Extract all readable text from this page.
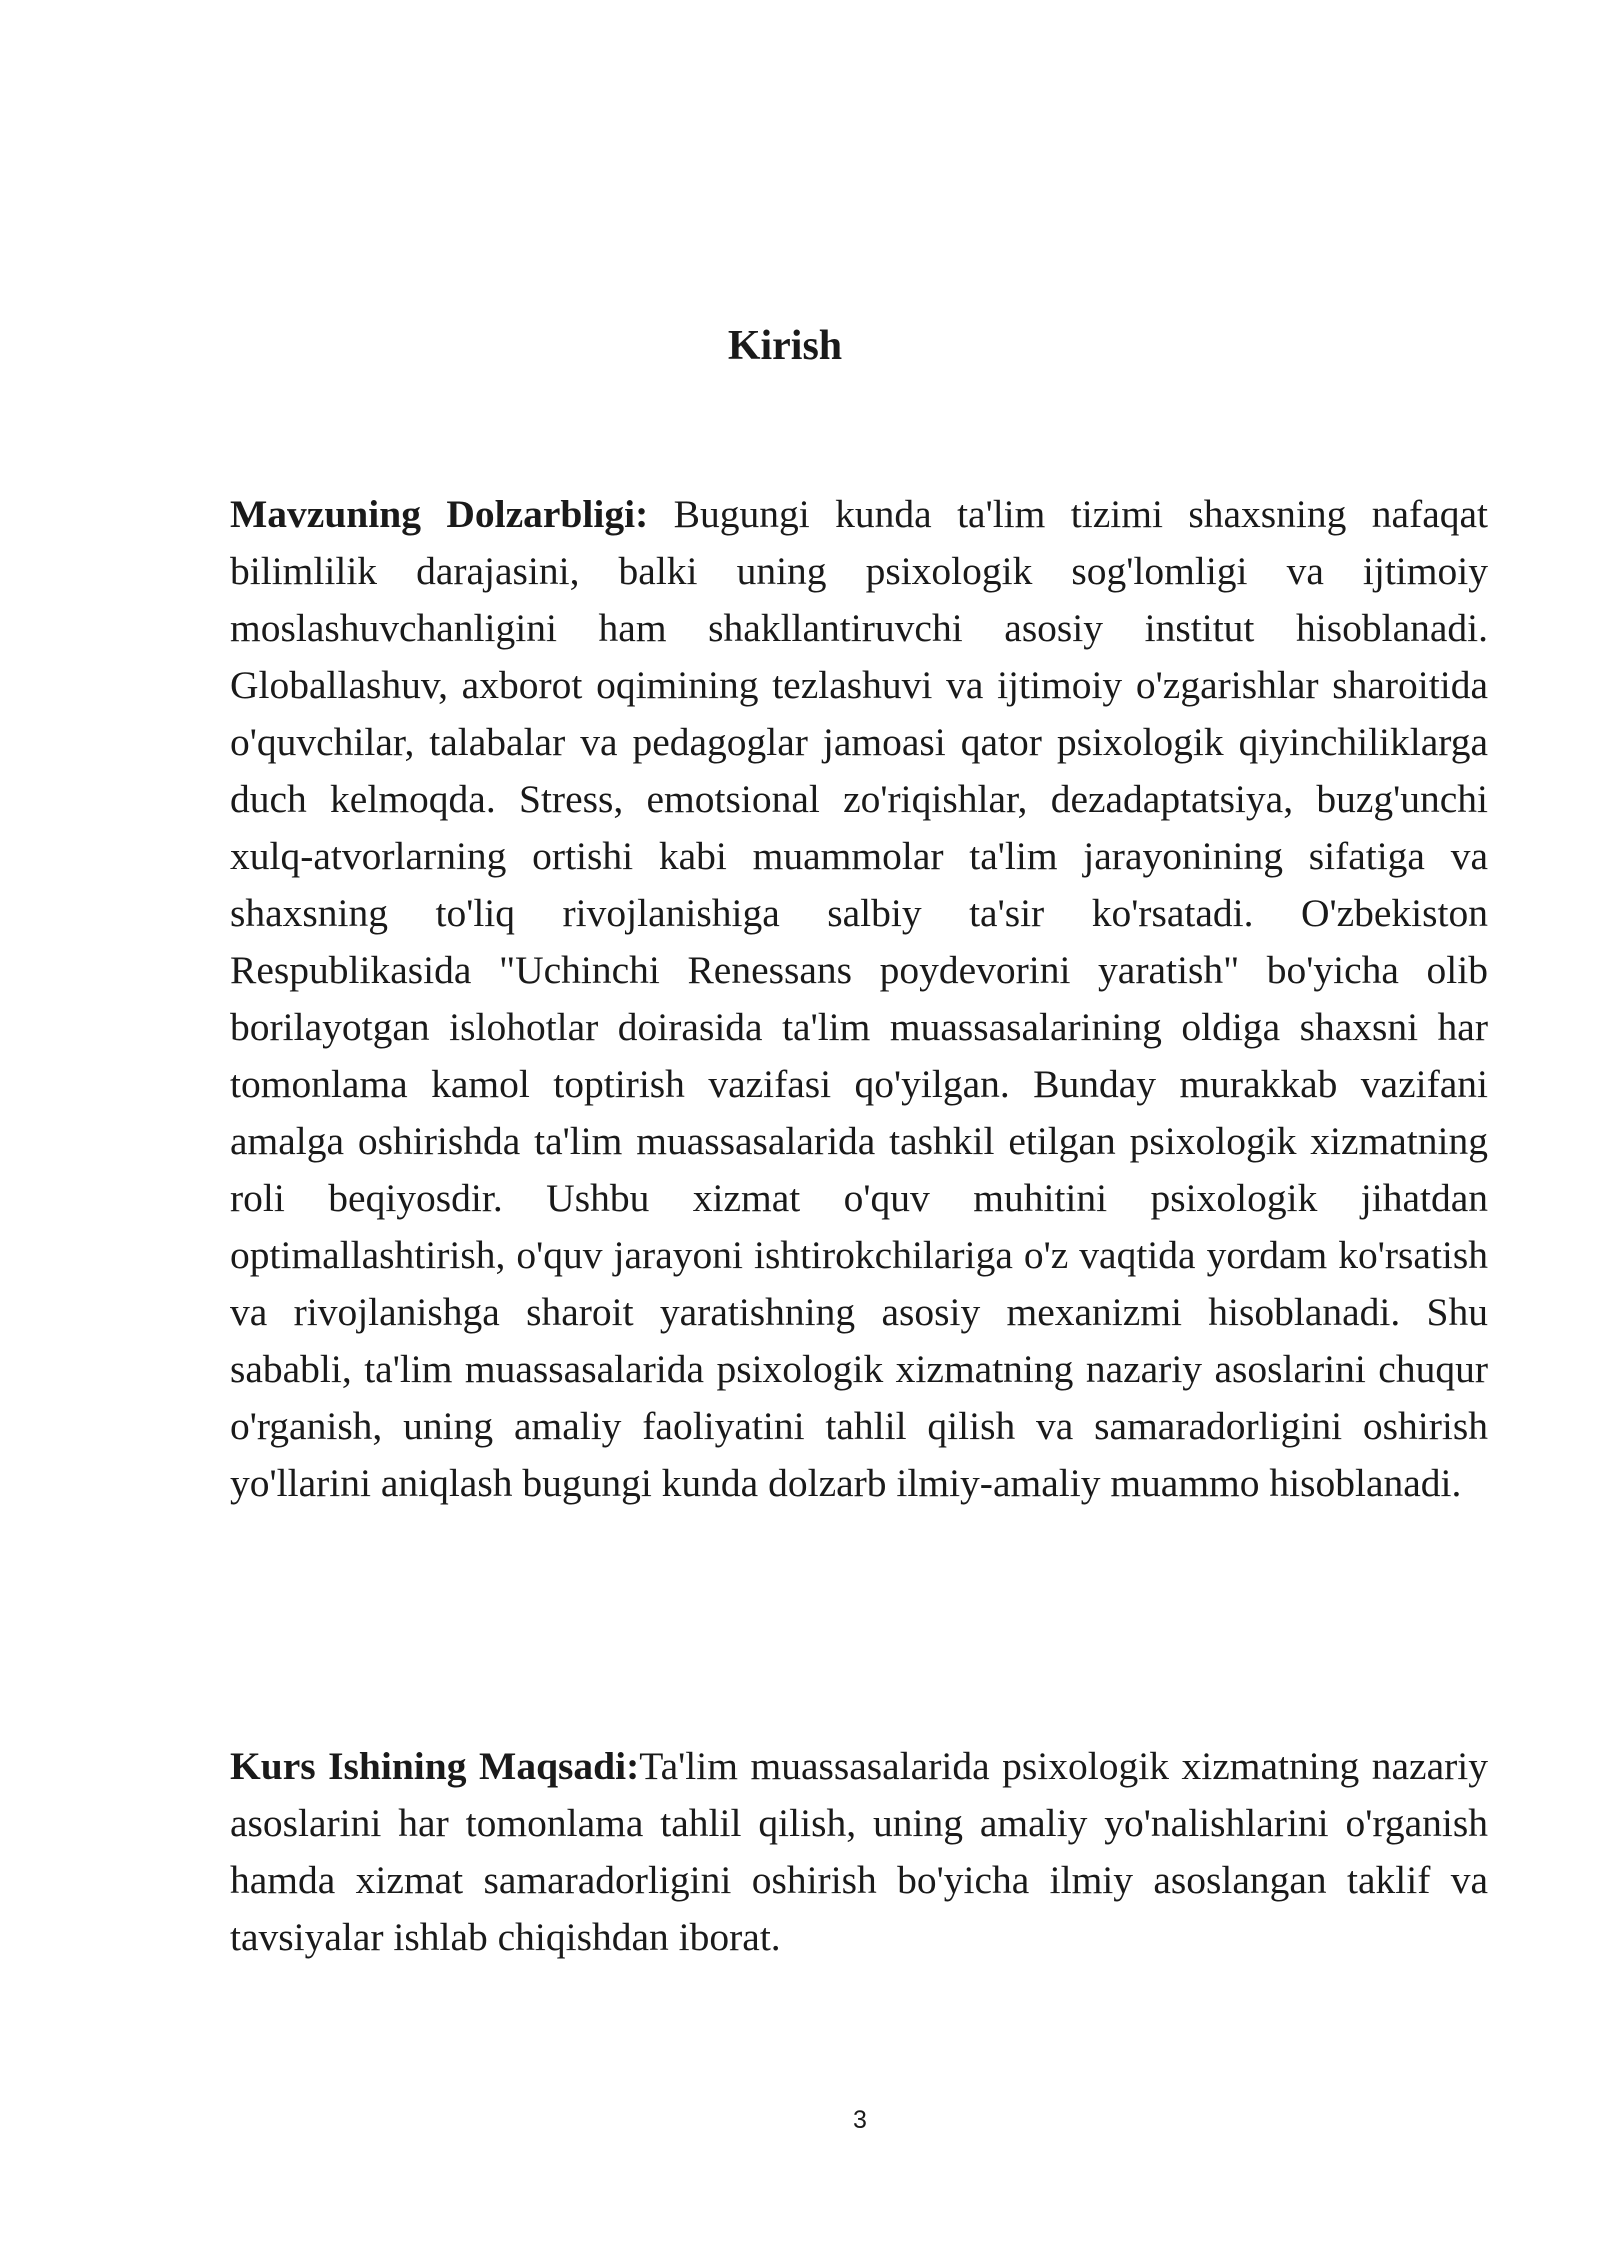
Kirish

Mavzuning Dolzarbligi: Bugungi kunda ta'lim tizimi shaxsning nafaqat bilimlilik darajasini, balki uning psixologik sog'lomligi va ijtimoiy moslashuvchanligini ham shakllantiruvchi asosiy institut hisoblanadi. Globallashuv, axborot oqimining tezlashuvi va ijtimoiy o'zgarishlar sharoitida o'quvchilar, talabalar va pedagoglar jamoasi qator psixologik qiyinchiliklarga duch kelmoqda. Stress, emotsional zo'riqishlar, dezadaptatsiya, buzg'unchi xulq-atvorlarning ortishi kabi muammolar ta'lim jarayonining sifatiga va shaxsning to'liq rivojlanishiga salbiy ta'sir ko'rsatadi. O'zbekiston Respublikasida "Uchinchi Renessans poydevorini yaratish" bo'yicha olib borilayotgan islohotlar doirasida ta'lim muassasalarining oldiga shaxsni har tomonlama kamol toptirish vazifasi qo'yilgan. Bunday murakkab vazifani amalga oshirishda ta'lim muassasalarida tashkil etilgan psixologik xizmatning roli beqiyosdir. Ushbu xizmat o'quv muhitini psixologik jihatdan optimallashtirish, o'quv jarayoni ishtirokchilariga o'z vaqtida yordam ko'rsatish va rivojlanishga sharoit yaratishning asosiy mexanizmi hisoblanadi. Shu sababli, ta'lim muassasalarida psixologik xizmatning nazariy asoslarini chuqur o'rganish, uning amaliy faoliyatini tahlil qilish va samaradorligini oshirish yo'llarini aniqlash bugungi kunda dolzarb ilmiy-amaliy muammo hisoblanadi.

Kurs Ishining Maqsadi:Ta'lim muassasalarida psixologik xizmatning nazariy asoslarini har tomonlama tahlil qilish, uning amaliy yo'nalishlarini o'rganish hamda xizmat samaradorligini oshirish bo'yicha ilmiy asoslangan taklif va tavsiyalar ishlab chiqishdan iborat.

3
